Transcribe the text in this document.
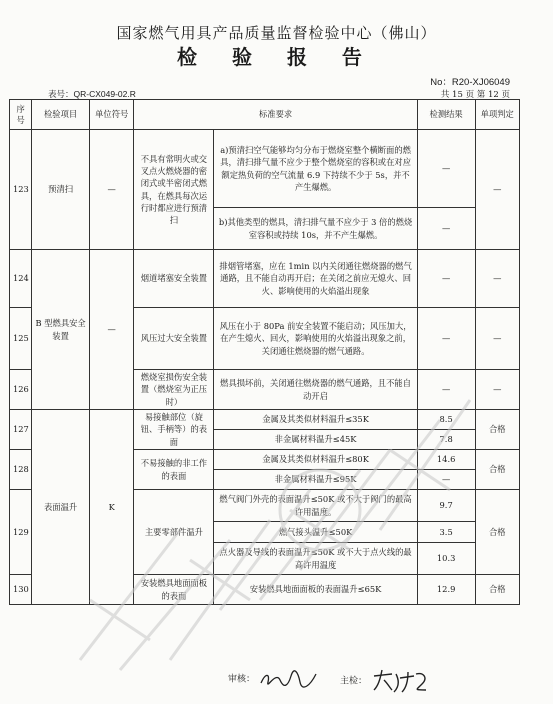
国家燃气用具产品质量监督检验中心（佛山）
检 验 报 告
No：R20-XJ06049
表号：QR-CX049-02.R	共 15 页 第 12 页
序号	检验项目	单位符号	标准要求		检测结果	单项判定
123	预清扫	—	不具有常明火或交叉点火燃烧器的密闭式或半密闭式燃具，在燃具每次运行时都应进行预清扫	a)预清扫空气能够均匀分布于燃烧室整个横断面的燃具，清扫排气量不应少于整个燃烧室的容积或在对应额定热负荷的空气流量 6.9 下持续不少于 5s，并不产生爆燃。	—	—
				b)其他类型的燃具，清扫排气量不应少于 3 倍的燃烧室容积或持续 10s，并不产生爆燃。	—	
124	B 型燃具安全装置	—	烟道堵塞安全装置	排烟管堵塞，应在 1min 以内关闭通往燃烧器的燃气通路，且不能自动再开启；在关闭之前应无熄火、回火、影响使用的火焰溢出现象	—	—
125			风压过大安全装置	风压在小于 80Pa 前安全装置不能启动；风压加大，在产生熄火、回火，影响使用的火焰溢出现象之前，关闭通往燃烧器的燃气通路。	—	—
126			燃烧室损伤安全装置（燃烧室为正压时）	燃具损坏前，关闭通往燃烧器的燃气通路，且不能自动开启	—	—
127	表面温升	K	易接触部位（旋钮、手柄等）的表面	金属及其类似材料温升≤35K	8.5	合格
				非金属材料温升≤45K	7.8	
128			不易接触的非工作的表面	金属及其类似材料温升≤80K	14.6	合格
				非金属材料温升≤95K	—	
129			主要零部件温升	燃气阀门外壳的表面温升≤50K 或不大于阀门的最高许用温度。	9.7	合格
				燃气接头温升≤50K	3.5	
				点火器及导线的表面温升≤50K 或不大于点火线的最高许用温度	10.3	
130			安装燃具地面面板的表面	安装燃具地面面板的表面温升≤65K	12.9	合格
审核：	主检：
